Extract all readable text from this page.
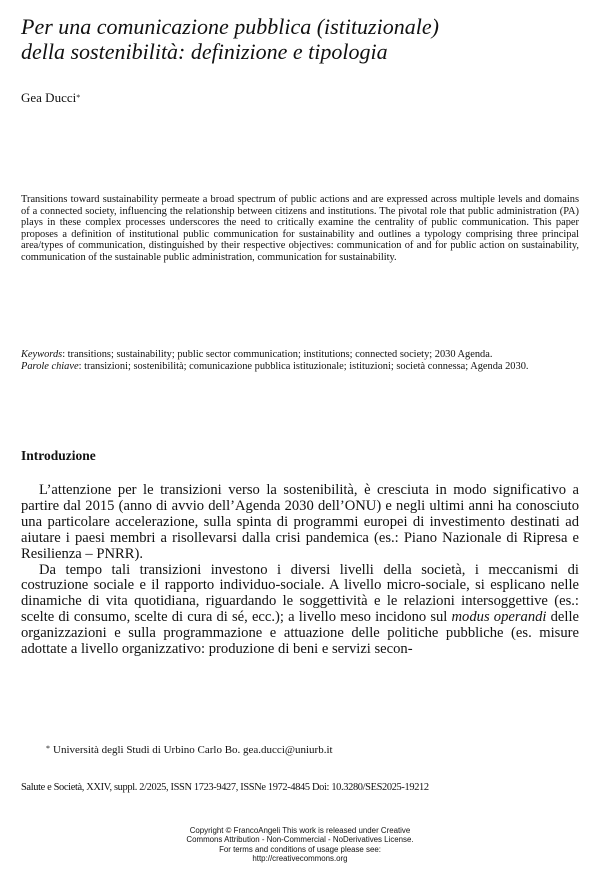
Per una comunicazione pubblica (istituzionale)
della sostenibilità: definizione e tipologia
Gea Ducci*

Transitions toward sustainability permeate a broad spectrum of public actions and are expressed across multiple levels and domains of a connected society, influencing the relationship between citizens and institutions. The pivotal role that public administration (PA) plays in these complex processes underscores the need to critically examine the centrality of public communication. This paper proposes a definition of institutional public communication for sustainability and outlines a typology comprising three principal area/types of communication, distinguished by their respective objectives: communication of and for public action on sustainability, communication of the sustainable public administration, communication for sustainability.

Keywords: transitions; sustainability; public sector communication; institutions; connected society; 2030 Agenda.

Parole chiave: transizioni; sostenibilità; comunicazione pubblica istituzionale; istituzioni; società connessa; Agenda 2030.

Introduzione

L’attenzione per le transizioni verso la sostenibilità, è cresciuta in modo significativo a partire dal 2015 (anno di avvio dell’Agenda 2030 dell’ONU) e negli ultimi anni ha conosciuto una particolare accelerazione, sulla spinta di programmi europei di investimento destinati ad aiutare i paesi membri a risollevarsi dalla crisi pandemica (es.: Piano Nazionale di Ripresa e Resilienza – PNRR).

Da tempo tali transizioni investono i diversi livelli della società, i meccanismi di costruzione sociale e il rapporto individuo-sociale. A livello micro-sociale, si esplicano nelle dinamiche di vita quotidiana, riguardando le soggettività e le relazioni intersoggettive (es.: scelte di consumo, scelte di cura di sé, ecc.); a livello meso incidono sul modus operandi delle organizzazioni e sulla programmazione e attuazione delle politiche pubbliche (es. misure adottate a livello organizzativo: produzione di beni e servizi secon-

* Università degli Studi di Urbino Carlo Bo. gea.ducci@uniurb.it
Salute e Società, XXIV, suppl. 2/2025, ISSN 1723-9427, ISSNe 1972-4845 Doi: 10.3280/SES2025-19212
Copyright © FrancoAngeli This work is released under Creative
Commons Attribution - Non-Commercial - NoDerivatives License.
For terms and conditions of usage please see:
http://creativecommons.org
